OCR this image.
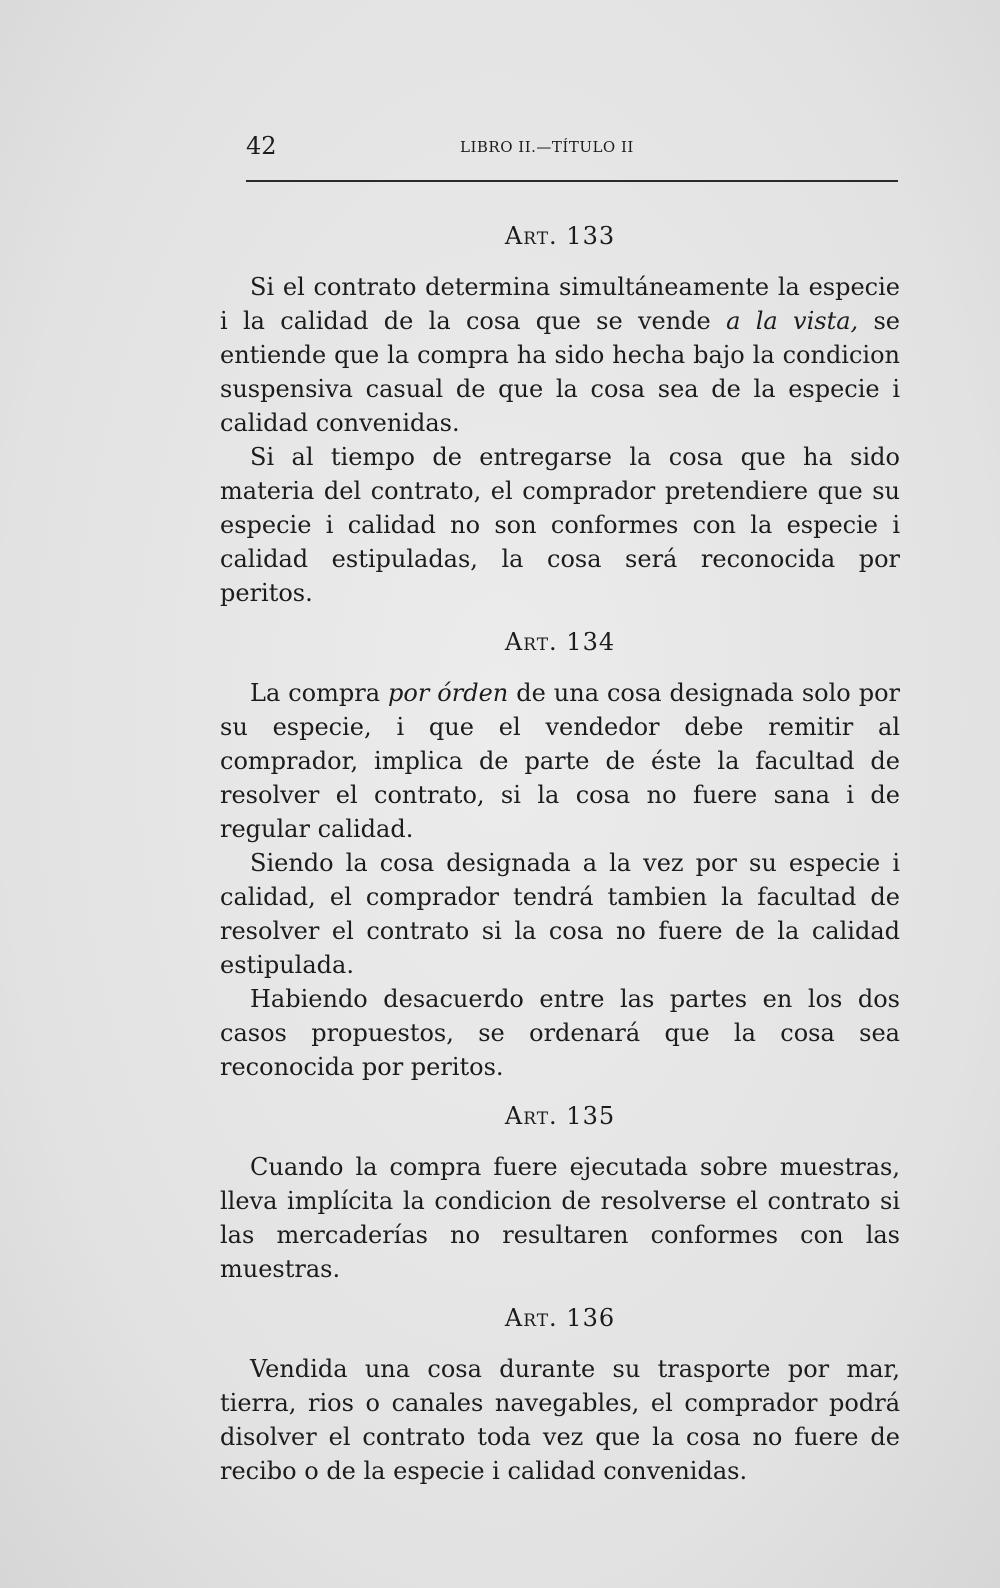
42	LIBRO II.—TÍTULO II
Art. 133

Si el contrato determina simultáneamente la especie i la calidad de la cosa que se vende a la vista, se entiende que la compra ha sido hecha bajo la condicion suspensiva casual de que la cosa sea de la especie i calidad convenidas.

Si al tiempo de entregarse la cosa que ha sido materia del contrato, el comprador pretendiere que su especie i calidad no son conformes con la especie i calidad estipuladas, la cosa será reconocida por peritos.

Art. 134

La compra por órden de una cosa designada solo por su especie, i que el vendedor debe remitir al comprador, implica de parte de éste la facultad de resolver el contrato, si la cosa no fuere sana i de regular calidad.

Siendo la cosa designada a la vez por su especie i calidad, el comprador tendrá tambien la facultad de resolver el contrato si la cosa no fuere de la calidad estipulada.

Habiendo desacuerdo entre las partes en los dos casos propuestos, se ordenará que la cosa sea reconocida por peritos.

Art. 135

Cuando la compra fuere ejecutada sobre muestras, lleva implícita la condicion de resolverse el contrato si las mercaderías no resultaren conformes con las muestras.

Art. 136

Vendida una cosa durante su trasporte por mar, tierra, rios o canales navegables, el comprador podrá disolver el contrato toda vez que la cosa no fuere de recibo o de la especie i calidad convenidas.
